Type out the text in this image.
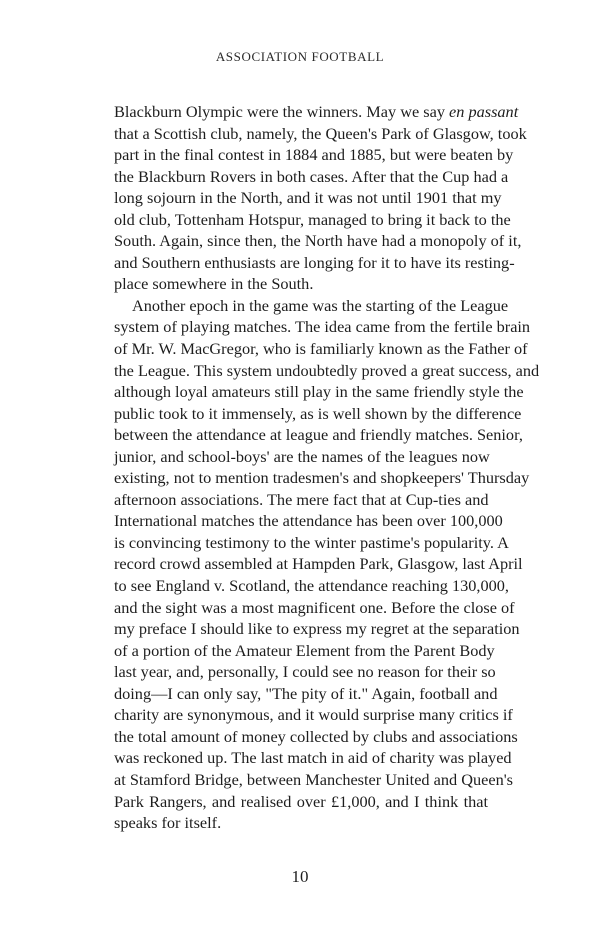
ASSOCIATION FOOTBALL
Blackburn Olympic were the winners. May we say en passant
that a Scottish club, namely, the Queen's Park of Glasgow, took
part in the final contest in 1884 and 1885, but were beaten by
the Blackburn Rovers in both cases. After that the Cup had a
long sojourn in the North, and it was not until 1901 that my
old club, Tottenham Hotspur, managed to bring it back to the
South. Again, since then, the North have had a monopoly of it,
and Southern enthusiasts are longing for it to have its resting-
place somewhere in the South.
Another epoch in the game was the starting of the League
system of playing matches. The idea came from the fertile brain
of Mr. W. MacGregor, who is familiarly known as the Father of
the League. This system undoubtedly proved a great success, and
although loyal amateurs still play in the same friendly style the
public took to it immensely, as is well shown by the difference
between the attendance at league and friendly matches. Senior,
junior, and school-boys' are the names of the leagues now
existing, not to mention tradesmen's and shopkeepers' Thursday
afternoon associations. The mere fact that at Cup-ties and
International matches the attendance has been over 100,000
is convincing testimony to the winter pastime's popularity. A
record crowd assembled at Hampden Park, Glasgow, last April
to see England v. Scotland, the attendance reaching 130,000,
and the sight was a most magnificent one. Before the close of
my preface I should like to express my regret at the separation
of a portion of the Amateur Element from the Parent Body
last year, and, personally, I could see no reason for their so
doing—I can only say, "The pity of it." Again, football and
charity are synonymous, and it would surprise many critics if
the total amount of money collected by clubs and associations
was reckoned up. The last match in aid of charity was played
at Stamford Bridge, between Manchester United and Queen's
Park Rangers, and realised over £1,000, and I think that
speaks for itself.
10
